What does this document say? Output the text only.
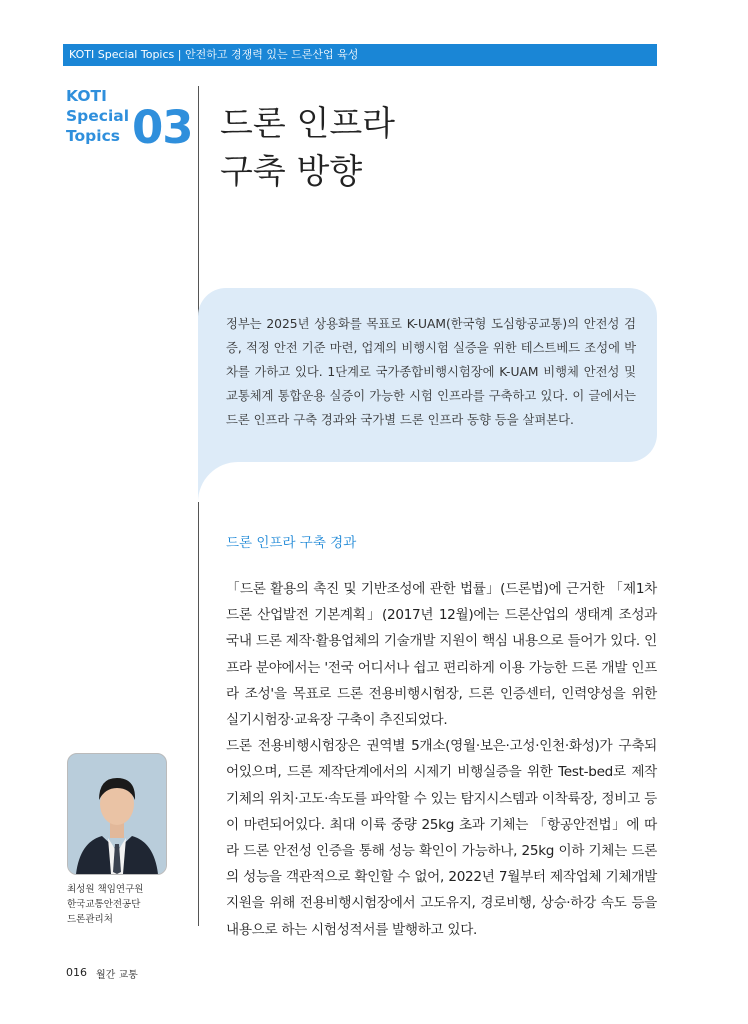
KOTI Special Topics | 안전하고 경쟁력 있는 드론산업 육성
KOTI
Special
Topics 03 드론 인프라
구축 방향
정부는 2025년 상용화를 목표로 K-UAM(한국형 도심항공교통)의 안전성 검증, 적정 안전 기준 마련, 업계의 비행시험 실증을 위한 테스트베드 조성에 박차를 가하고 있다. 1단계로 국가종합비행시험장에 K-UAM 비행체 안전성 및 교통체계 통합운용 실증이 가능한 시험 인프라를 구축하고 있다. 이 글에서는 드론 인프라 구축 경과와 국가별 드론 인프라 동향 등을 살펴본다.
드론 인프라 구축 경과

「드론 활용의 촉진 및 기반조성에 관한 법률」(드론법)에 근거한 「제1차 드론 산업발전 기본계획」(2017년 12월)에는 드론산업의 생태계 조성과 국내 드론 제작·활용업체의 기술개발 지원이 핵심 내용으로 들어가 있다. 인프라 분야에서는 '전국 어디서나 쉽고 편리하게 이용 가능한 드론 개발 인프라 조성'을 목표로 드론 전용비행시험장, 드론 인증센터, 인력양성을 위한 실기시험장·교육장 구축이 추진되었다.

드론 전용비행시험장은 권역별 5개소(영월·보은·고성·인천·화성)가 구축되어있으며, 드론 제작단계에서의 시제기 비행실증을 위한 Test-bed로 제작 기체의 위치·고도·속도를 파악할 수 있는 탐지시스템과 이착륙장, 정비고 등이 마련되어있다. 최대 이륙 중량 25kg 초과 기체는 「항공안전법」에 따라 드론 안전성 인증을 통해 성능 확인이 가능하나, 25kg 이하 기체는 드론의 성능을 객관적으로 확인할 수 없어, 2022년 7월부터 제작업체 기체개발 지원을 위해 전용비행시험장에서 고도유지, 경로비행, 상승·하강 속도 등을 내용으로 하는 시험성적서를 발행하고 있다.

최성원 책임연구원
한국교통안전공단
드론관리처
016 월간 교통
